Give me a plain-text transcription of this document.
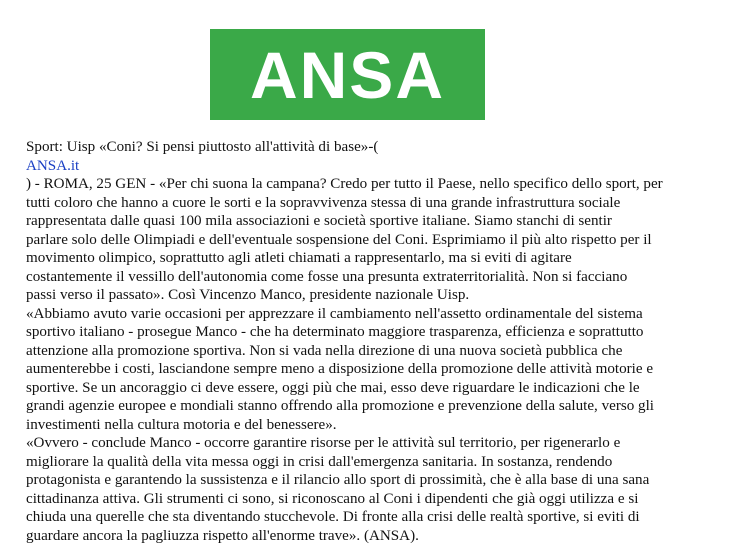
ANSA
Sport: Uisp «Coni? Si pensi piuttosto all'attività di base»-(
ANSA.it
) - ROMA, 25 GEN - «Per chi suona la campana? Credo per tutto il Paese, nello specifico dello sport, per
tutti coloro che hanno a cuore le sorti e la sopravvivenza stessa di una grande infrastruttura sociale
rappresentata dalle quasi 100 mila associazioni e società sportive italiane. Siamo stanchi di sentir
parlare solo delle Olimpiadi e dell'eventuale sospensione del Coni. Esprimiamo il più alto rispetto per il
movimento olimpico, soprattutto agli atleti chiamati a rappresentarlo, ma si eviti di agitare
costantemente il vessillo dell'autonomia come fosse una presunta extraterritorialità. Non si facciano
passi verso il passato». Così Vincenzo Manco, presidente nazionale Uisp.
«Abbiamo avuto varie occasioni per apprezzare il cambiamento nell'assetto ordinamentale del sistema
sportivo italiano - prosegue Manco - che ha determinato maggiore trasparenza, efficienza e soprattutto
attenzione alla promozione sportiva. Non si vada nella direzione di una nuova società pubblica che
aumenterebbe i costi, lasciandone sempre meno a disposizione della promozione delle attività motorie e
sportive. Se un ancoraggio ci deve essere, oggi più che mai, esso deve riguardare le indicazioni che le
grandi agenzie europee e mondiali stanno offrendo alla promozione e prevenzione della salute, verso gli
investimenti nella cultura motoria e del benessere».
«Ovvero - conclude Manco - occorre garantire risorse per le attività sul territorio, per rigenerarlo e
migliorare la qualità della vita messa oggi in crisi dall'emergenza sanitaria. In sostanza, rendendo
protagonista e garantendo la sussistenza e il rilancio allo sport di prossimità, che è alla base di una sana
cittadinanza attiva. Gli strumenti ci sono, si riconoscano al Coni i dipendenti che già oggi utilizza e si
chiuda una querelle che sta diventando stucchevole. Di fronte alla crisi delle realtà sportive, si eviti di
guardare ancora la pagliuzza rispetto all'enorme trave». (ANSA).
